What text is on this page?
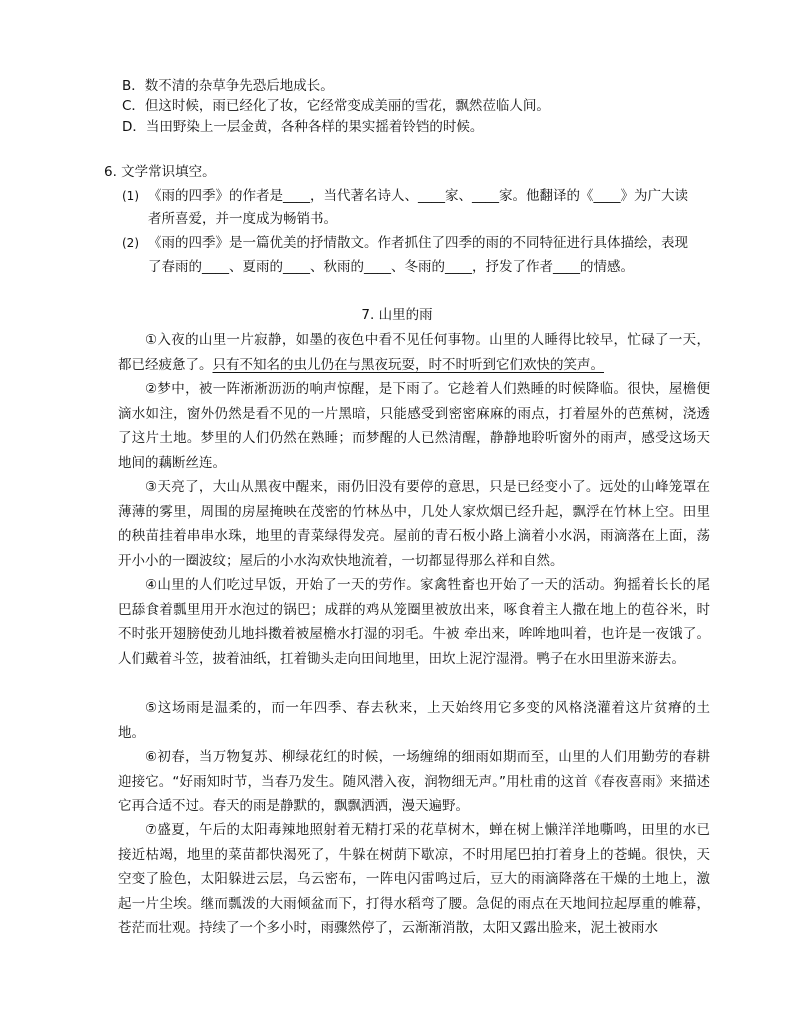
B．数不清的杂草争先恐后地成长。
C．但这时候，雨已经化了妆，它经常变成美丽的雪花，飘然莅临人间。
D．当田野染上一层金黄，各种各样的果实摇着铃铛的时候。
6. 文学常识填空。
(1) 《雨的四季》的作者是____，当代著名诗人、____家、____家。他翻译的《____》为广大读
者所喜爱，并一度成为畅销书。
(2) 《雨的四季》是一篇优美的抒情散文。作者抓住了四季的雨的不同特征进行具体描绘，表现
了春雨的____、夏雨的____、秋雨的____、冬雨的____，抒发了作者____的情感。
7. 山里的雨

①入夜的山里一片寂静，如墨的夜色中看不见任何事物。山里的人睡得比较早，忙碌了一天，都已经疲惫了。只有不知名的虫儿仍在与黑夜玩耍，时不时听到它们欢快的笑声。

②梦中，被一阵淅淅沥沥的响声惊醒，是下雨了。它趁着人们熟睡的时候降临。很快，屋檐便滴水如注，窗外仍然是看不见的一片黑暗，只能感受到密密麻麻的雨点，打着屋外的芭蕉树，浇透了这片土地。梦里的人们仍然在熟睡；而梦醒的人已然清醒，静静地聆听窗外的雨声，感受这场天地间的藕断丝连。

③天亮了，大山从黑夜中醒来，雨仍旧没有要停的意思，只是已经变小了。远处的山峰笼罩在薄薄的雾里，周围的房屋掩映在茂密的竹林丛中，几处人家炊烟已经升起，飘浮在竹林上空。田里的秧苗挂着串串水珠，地里的青菜绿得发亮。屋前的青石板小路上滴着小水涡，雨滴落在上面，荡开小小的一圈波纹；屋后的小水沟欢快地流着，一切都显得那么祥和自然。

④山里的人们吃过早饭，开始了一天的劳作。家禽牲畜也开始了一天的活动。狗摇着长长的尾巴舔食着瓢里用开水泡过的锅巴；成群的鸡从笼圈里被放出来，啄食着主人撒在地上的苞谷米，时不时张开翅膀使劲儿地抖擞着被屋檐水打湿的羽毛。牛被 牵出来，哞哞地叫着，也许是一夜饿了。人们戴着斗笠，披着油纸，扛着锄头走向田间地里，田坎上泥泞湿滑。鸭子在水田里游来游去。

⑤这场雨是温柔的，而一年四季、春去秋来，上天始终用它多变的风格浇灌着这片贫瘠的土地。

⑥初春，当万物复苏、柳绿花红的时候，一场缠绵的细雨如期而至，山里的人们用勤劳的春耕迎接它。“好雨知时节，当春乃发生。随风潜入夜，润物细无声。”用杜甫的这首《春夜喜雨》来描述它再合适不过。春天的雨是静默的，飘飘洒洒，漫天遍野。

⑦盛夏，午后的太阳毒辣地照射着无精打采的花草树木，蝉在树上懒洋洋地嘶鸣，田里的水已接近枯竭，地里的菜苗都快渴死了，牛躲在树荫下歇凉，不时用尾巴拍打着身上的苍蝇。很快，天空变了脸色，太阳躲进云层，乌云密布，一阵电闪雷鸣过后，豆大的雨滴降落在干燥的土地上，激起一片尘埃。继而瓢泼的大雨倾盆而下，打得水稻弯了腰。急促的雨点在天地间拉起厚重的帷幕，苍茫而壮观。持续了一个多小时，雨骤然停了，云渐渐消散，太阳又露出脸来，泥土被雨水
